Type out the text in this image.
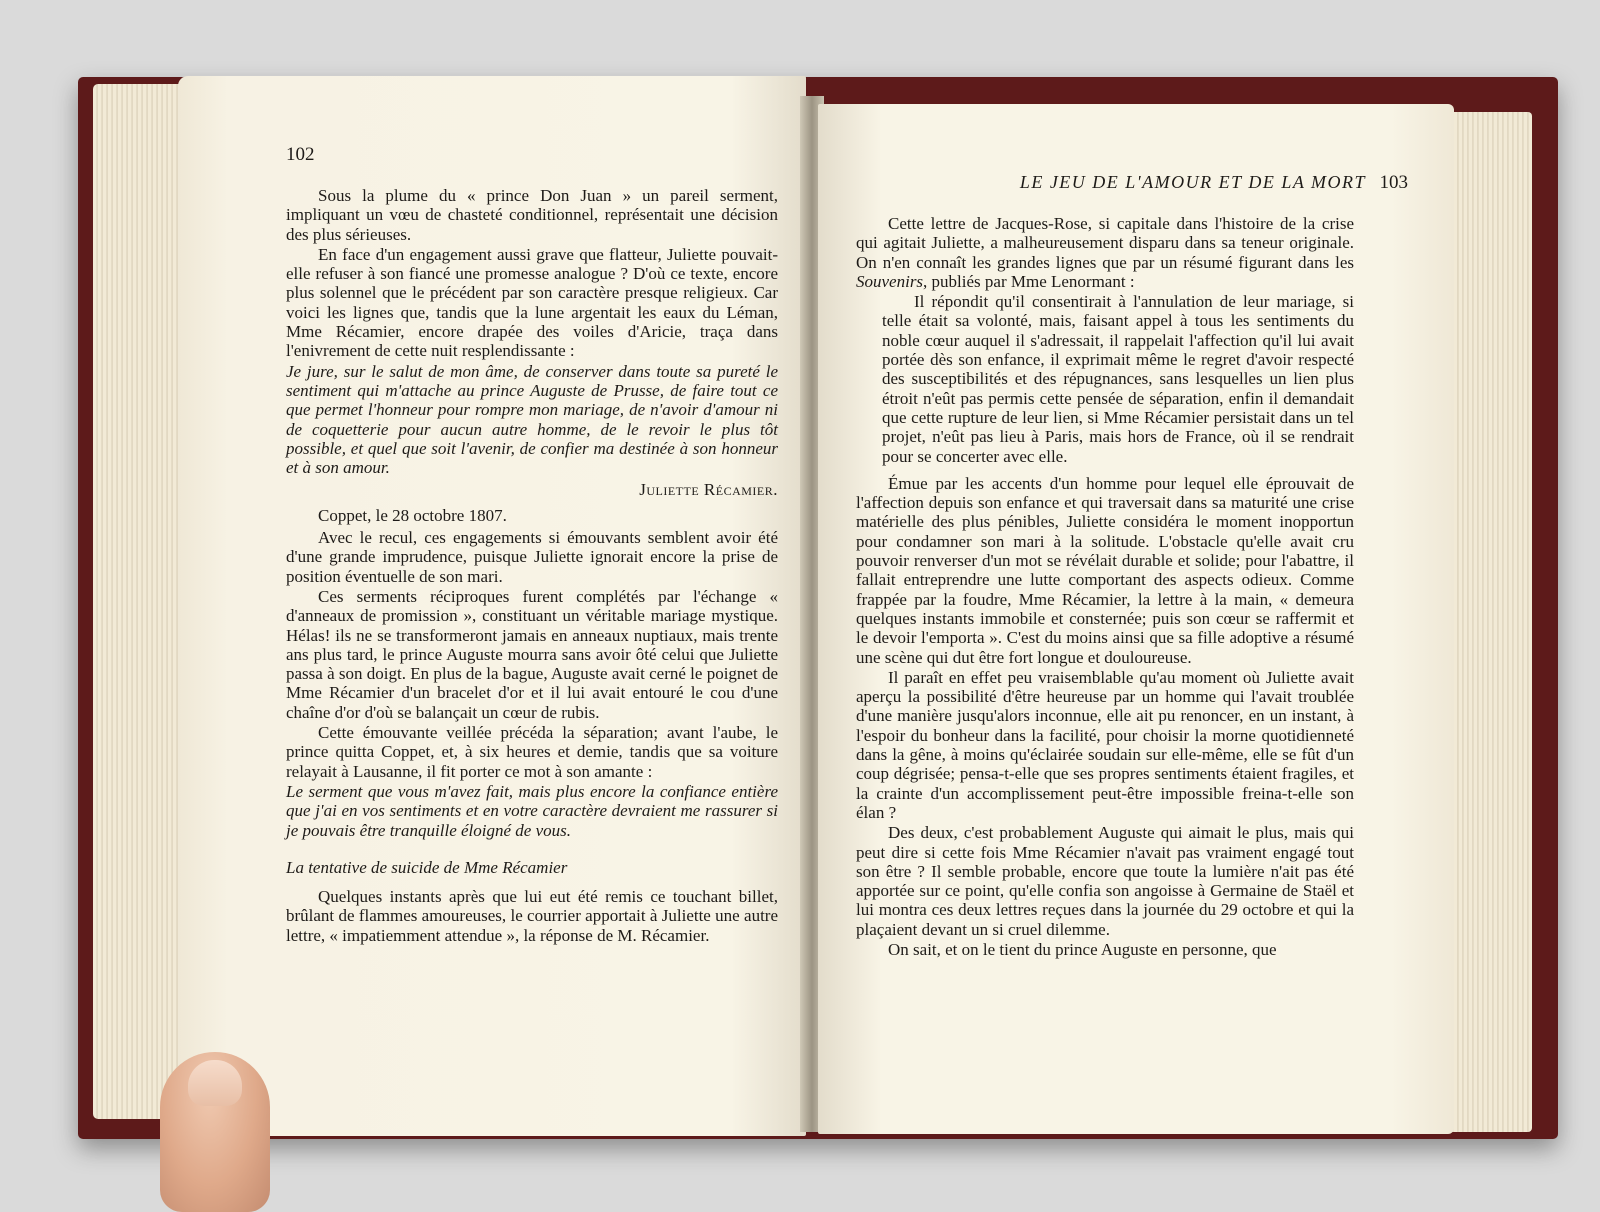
102

Sous la plume du « prince Don Juan » un pareil serment, impliquant un vœu de chasteté conditionnel, représentait une décision des plus sérieuses.

En face d'un engagement aussi grave que flatteur, Juliette pouvait-elle refuser à son fiancé une promesse analogue ? D'où ce texte, encore plus solennel que le précédent par son caractère presque religieux. Car voici les lignes que, tandis que la lune argentait les eaux du Léman, Mme Récamier, encore drapée des voiles d'Aricie, traça dans l'enivrement de cette nuit resplendissante :

Je jure, sur le salut de mon âme, de conserver dans toute sa pureté le sentiment qui m'attache au prince Auguste de Prusse, de faire tout ce que permet l'honneur pour rompre mon mariage, de n'avoir d'amour ni de coquetterie pour aucun autre homme, de le revoir le plus tôt possible, et quel que soit l'avenir, de confier ma destinée à son honneur et à son amour.

Juliette Récamier.

Coppet, le 28 octobre 1807.

Avec le recul, ces engagements si émouvants semblent avoir été d'une grande imprudence, puisque Juliette ignorait encore la prise de position éventuelle de son mari.

Ces serments réciproques furent complétés par l'échange « d'anneaux de promission », constituant un véritable mariage mystique. Hélas! ils ne se transformeront jamais en anneaux nuptiaux, mais trente ans plus tard, le prince Auguste mourra sans avoir ôté celui que Juliette passa à son doigt. En plus de la bague, Auguste avait cerné le poignet de Mme Récamier d'un bracelet d'or et il lui avait entouré le cou d'une chaîne d'or d'où se balançait un cœur de rubis.

Cette émouvante veillée précéda la séparation; avant l'aube, le prince quitta Coppet, et, à six heures et demie, tandis que sa voiture relayait à Lausanne, il fit porter ce mot à son amante :

Le serment que vous m'avez fait, mais plus encore la confiance entière que j'ai en vos sentiments et en votre caractère devraient me rassurer si je pouvais être tranquille éloigné de vous.

La tentative de suicide de Mme Récamier

Quelques instants après que lui eut été remis ce touchant billet, brûlant de flammes amoureuses, le courrier apportait à Juliette une autre lettre, « impatiemment attendue », la réponse de M. Récamier.

LE JEU DE L'AMOUR ET DE LA MORT 103

Cette lettre de Jacques-Rose, si capitale dans l'histoire de la crise qui agitait Juliette, a malheureusement disparu dans sa teneur originale. On n'en connaît les grandes lignes que par un résumé figurant dans les Souvenirs, publiés par Mme Lenormant :

Il répondit qu'il consentirait à l'annulation de leur mariage, si telle était sa volonté, mais, faisant appel à tous les sentiments du noble cœur auquel il s'adressait, il rappelait l'affection qu'il lui avait portée dès son enfance, il exprimait même le regret d'avoir respecté des susceptibilités et des répugnances, sans lesquelles un lien plus étroit n'eût pas permis cette pensée de séparation, enfin il demandait que cette rupture de leur lien, si Mme Récamier persistait dans un tel projet, n'eût pas lieu à Paris, mais hors de France, où il se rendrait pour se concerter avec elle.

Émue par les accents d'un homme pour lequel elle éprouvait de l'affection depuis son enfance et qui traversait dans sa maturité une crise matérielle des plus pénibles, Juliette considéra le moment inopportun pour condamner son mari à la solitude. L'obstacle qu'elle avait cru pouvoir renverser d'un mot se révélait durable et solide; pour l'abattre, il fallait entreprendre une lutte comportant des aspects odieux. Comme frappée par la foudre, Mme Récamier, la lettre à la main, « demeura quelques instants immobile et consternée; puis son cœur se raffermit et le devoir l'emporta ». C'est du moins ainsi que sa fille adoptive a résumé une scène qui dut être fort longue et douloureuse.

Il paraît en effet peu vraisemblable qu'au moment où Juliette avait aperçu la possibilité d'être heureuse par un homme qui l'avait troublée d'une manière jusqu'alors inconnue, elle ait pu renoncer, en un instant, à l'espoir du bonheur dans la facilité, pour choisir la morne quotidienneté dans la gêne, à moins qu'éclairée soudain sur elle-même, elle se fût d'un coup dégrisée; pensa-t-elle que ses propres sentiments étaient fragiles, et la crainte d'un accomplissement peut-être impossible freina-t-elle son élan ?

Des deux, c'est probablement Auguste qui aimait le plus, mais qui peut dire si cette fois Mme Récamier n'avait pas vraiment engagé tout son être ? Il semble probable, encore que toute la lumière n'ait pas été apportée sur ce point, qu'elle confia son angoisse à Germaine de Staël et lui montra ces deux lettres reçues dans la journée du 29 octobre et qui la plaçaient devant un si cruel dilemme.

On sait, et on le tient du prince Auguste en personne, que
